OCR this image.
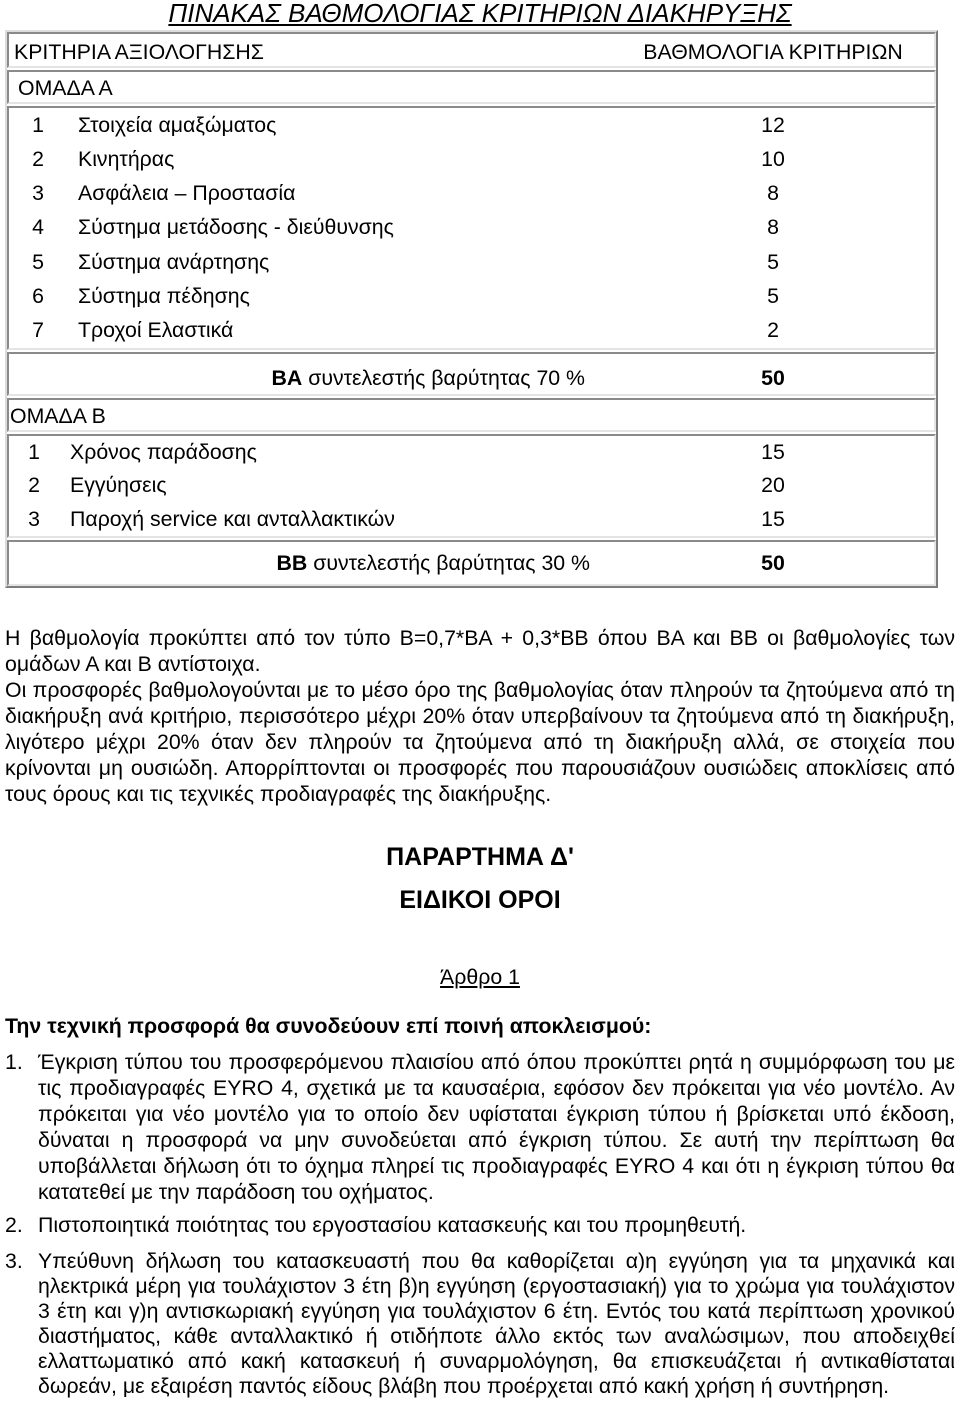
ΠΙΝΑΚΑΣ ΒΑΘΜΟΛΟΓΙΑΣ ΚΡΙΤΗΡΙΩΝ ΔΙΑΚΗΡΥΞΗΣ
ΚΡΙΤΗΡΙΑ ΑΞΙΟΛΟΓΗΣΗΣ	ΒΑΘΜΟΛΟΓΙΑ ΚΡΙΤΗΡΙΩΝ
ΟΜΑΔΑ Α
1	Στοιχεία αμαξώματος	12
2	Κινητήρας	10
3	Ασφάλεια – Προστασία	8
4	Σύστημα μετάδοσης - διεύθυνσης	8
5	Σύστημα ανάρτησης	5
6	Σύστημα πέδησης	5
7	Τροχοί Ελαστικά	2
ΒΑ συντελεστής βαρύτητας 70 %	50
ΟΜΑΔΑ Β
1	Χρόνος παράδοσης	15
2	Εγγύησεις	20
3	Παροχή service και ανταλλακτικών	15
ΒΒ συντελεστής βαρύτητας 30 %	50

Η βαθμολογία προκύπτει από τον τύπο Β=0,7*ΒΑ + 0,3*ΒΒ όπου ΒΑ και ΒΒ οι βαθμολογίες των ομάδων Α και Β αντίστοιχα.

Οι προσφορές βαθμολογούνται με το μέσο όρο της βαθμολογίας όταν πληρούν τα ζητούμενα από τη διακήρυξη ανά κριτήριο, περισσότερο μέχρι 20% όταν υπερβαίνουν τα ζητούμενα από τη διακήρυξη, λιγότερο μέχρι 20% όταν δεν πληρούν τα ζητούμενα από τη διακήρυξη αλλά, σε στοιχεία που κρίνονται μη ουσιώδη. Απορρίπτονται οι προσφορές που παρουσιάζουν ουσιώδεις αποκλίσεις από τους όρους και τις τεχνικές προδιαγραφές της διακήρυξης.

ΠΑΡΑΡΤΗΜΑ Δ'
ΕΙΔΙΚΟΙ ΟΡΟΙ
Άρθρο 1
Την τεχνική προσφορά θα συνοδεύουν επί ποινή αποκλεισμού:
1. Έγκριση τύπου του προσφερόμενου πλαισίου από όπου προκύπτει ρητά η συμμόρφωση του με τις προδιαγραφές ΕΥRΟ 4, σχετικά με τα καυσαέρια, εφόσον δεν πρόκειται για νέο μοντέλο. Αν πρόκειται για νέο μοντέλο για το οποίο δεν υφίσταται έγκριση τύπου ή βρίσκεται υπό έκδοση, δύναται η προσφορά να μην συνοδεύεται από έγκριση τύπου. Σε αυτή την περίπτωση θα υποβάλλεται δήλωση ότι το όχημα πληρεί τις προδιαγραφές ΕΥRΟ 4 και ότι η έγκριση τύπου θα κατατεθεί με την παράδοση του οχήματος.
2. Πιστοποιητικά ποιότητας του εργοστασίου κατασκευής και του προμηθευτή.
3. Υπεύθυνη δήλωση του κατασκευαστή που θα καθορίζεται α)η εγγύηση για τα μηχανικά και ηλεκτρικά μέρη για τουλάχιστον 3 έτη β)η εγγύηση (εργοστασιακή) για το χρώμα για τουλάχιστον 3 έτη και γ)η αντισκωριακή εγγύηση για τουλάχιστον 6 έτη. Εντός του κατά περίπτωση χρονικού διαστήματος, κάθε ανταλλακτικό ή οτιδήποτε άλλο εκτός των αναλώσιμων, που αποδειχθεί ελλαττωματικό από κακή κατασκευή ή συναρμολόγηση, θα επισκευάζεται ή αντικαθίσταται δωρεάν, με εξαιρέση παντός είδους βλάβη που προέρχεται από κακή χρήση ή συντήρηση.
